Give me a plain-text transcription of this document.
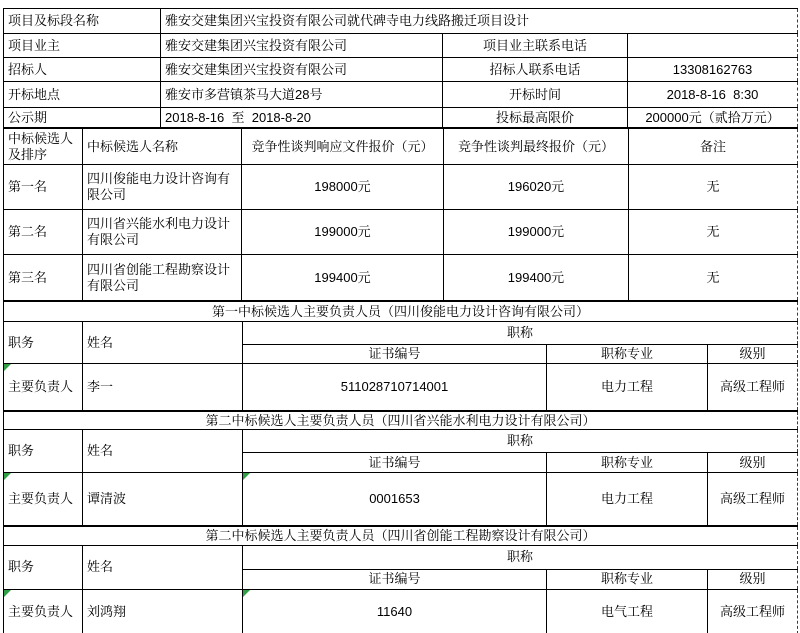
项目及标段名称	雅安交建集团兴宝投资有限公司就代碑寺电力线路搬迁项目设计		
项目业主	雅安交建集团兴宝投资有限公司	项目业主联系电话	
招标人	雅安交建集团兴宝投资有限公司	招标人联系电话	13308162763
开标地点	雅安市多营镇茶马大道28号	开标时间	2018-8-16  8:30
公示期	2018-8-16  至  2018-8-20	投标最高限价	200000元（贰拾万元）
中标候选人及排序	中标候选人名称	竞争性谈判响应文件报价（元）	竞争性谈判最终报价（元）	备注
第一名	四川俊能电力设计咨询有限公司	198000元	196020元	无
第二名	四川省兴能水利电力设计有限公司	199000元	199000元	无
第三名	四川省创能工程勘察设计有限公司	199400元	199400元	无
第一中标候选人主要负责人员（四川俊能电力设计咨询有限公司）				
职务	姓名	职称		
		证书编号	职称专业	级别

主要负责人	李一	511028710714001	电力工程	高级工程师
第二中标候选人主要负责人员（四川省兴能水利电力设计有限公司）				
职务	姓名	职称		
		证书编号	职称专业	级别

主要负责人	谭清波	0001653	电力工程	高级工程师
第二中标候选人主要负责人员（四川省创能工程勘察设计有限公司）				
职务	姓名	职称		
		证书编号	职称专业	级别

主要负责人	刘鸿翔	11640	电气工程	高级工程师
